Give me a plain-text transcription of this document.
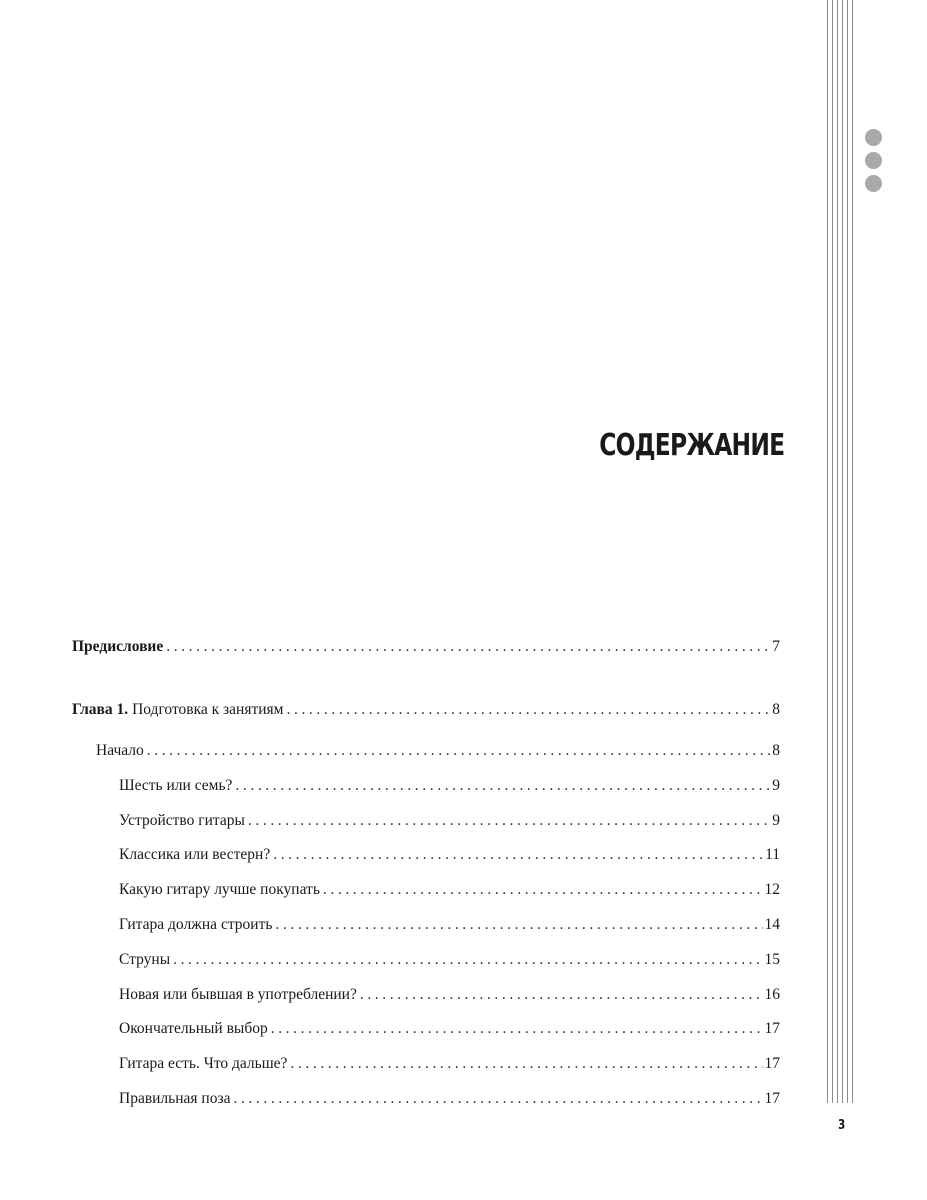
СОДЕРЖАНИЕ
Предисловие .....	7
Глава 1. Подготовка к занятиям .....	8
Начало .....	8
Шесть или семь? .....	9
Устройство гитары .....	9
Классика или вестерн? .....	11
Какую гитару лучше покупать .....	12
Гитара должна строить .....	14
Струны .....	15
Новая или бывшая в употреблении? .....	16
Окончательный выбор .....	17
Гитара есть. Что дальше? .....	17
Правильная поза .....	17
3
